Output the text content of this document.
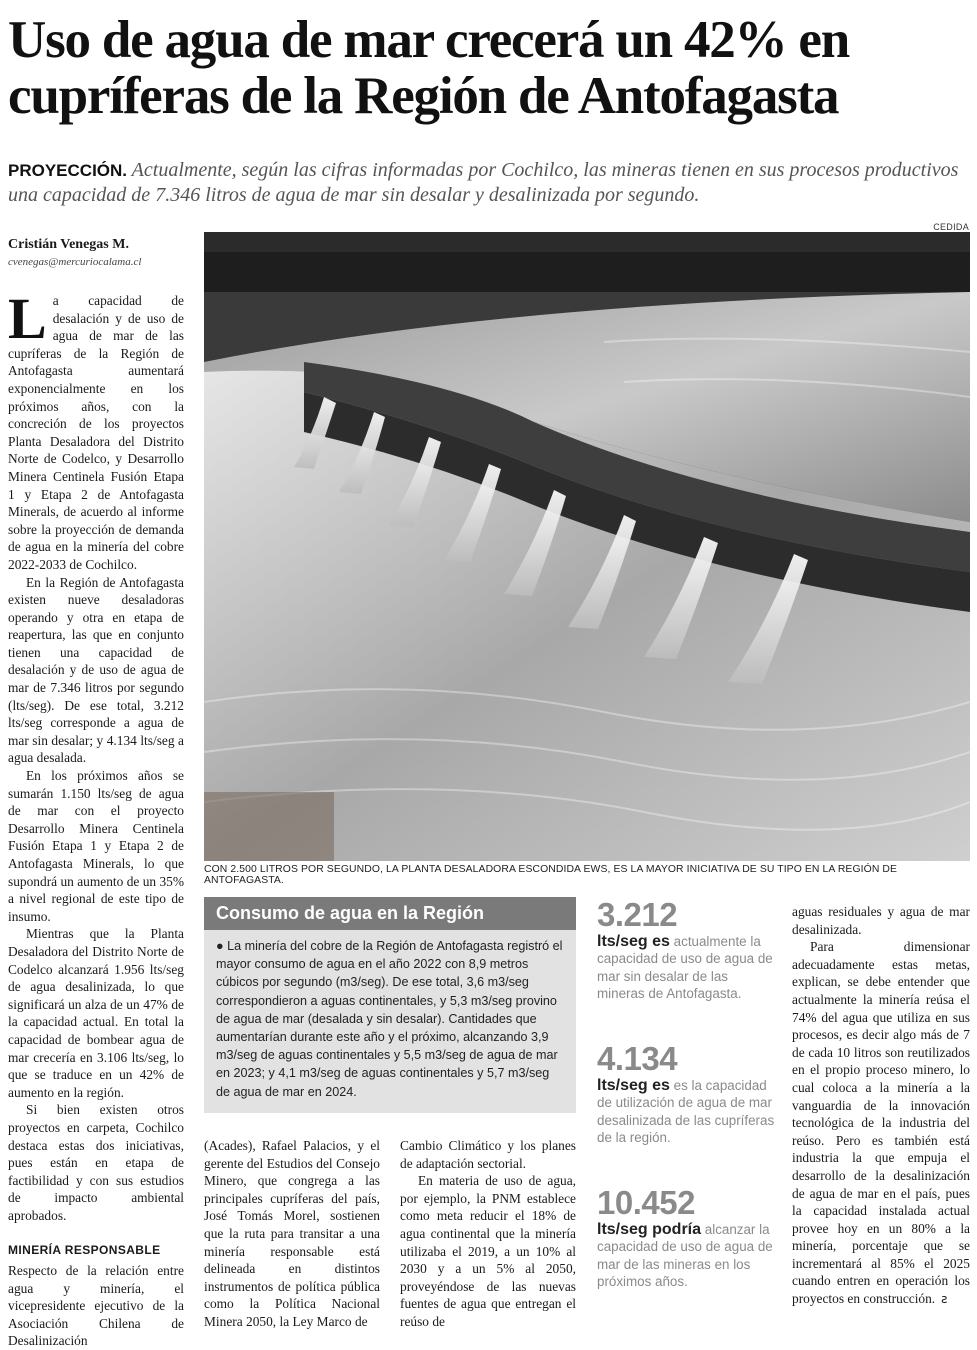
Uso de agua de mar crecerá un 42% en cupríferas de la Región de Antofagasta
PROYECCIÓN. Actualmente, según las cifras informadas por Cochilco, las mineras tienen en sus procesos productivos una capacidad de 7.346 litros de agua de mar sin desalar y desalinizada por segundo.
CEDIDA
Cristián Venegas M.
cvenegas@mercuriocalama.cl

La capacidad de desalación y de uso de agua de mar de las cupríferas de la Región de Antofagasta aumentará exponencialmente en los próximos años, con la concreción de los proyectos Planta Desaladora del Distrito Norte de Codelco, y Desarrollo Minera Centinela Fusión Etapa 1 y Etapa 2 de Antofagasta Minerals, de acuerdo al informe sobre la proyección de demanda de agua en la minería del cobre 2022-2033 de Cochilco.

En la Región de Antofagasta existen nueve desaladoras operando y otra en etapa de reapertura, las que en conjunto tienen una capacidad de desalación y de uso de agua de mar de 7.346 litros por segundo (lts/seg). De ese total, 3.212 lts/seg corresponde a agua de mar sin desalar; y 4.134 lts/seg a agua desalada.

En los próximos años se sumarán 1.150 lts/seg de agua de mar con el proyecto Desarrollo Minera Centinela Fusión Etapa 1 y Etapa 2 de Antofagasta Minerals, lo que supondrá un aumento de un 35% a nivel regional de este tipo de insumo.

Mientras que la Planta Desaladora del Distrito Norte de Codelco alcanzará 1.956 lts/seg de agua desalinizada, lo que significará un alza de un 47% de la capacidad actual. En total la capacidad de bombear agua de mar crecería en 3.106 lts/seg, lo que se traduce en un 42% de aumento en la región.

Si bien existen otros proyectos en carpeta, Cochilco destaca estas dos iniciativas, pues están en etapa de factibilidad y con sus estudios de impacto ambiental aprobados.

MINERÍA RESPONSABLE

Respecto de la relación entre agua y minería, el vicepresidente ejecutivo de la Asociación Chilena de Desalinización

CON 2.500 LITROS POR SEGUNDO, LA PLANTA DESALADORA ESCONDIDA EWS, ES LA MAYOR INICIATIVA DE SU TIPO EN LA REGIÓN DE ANTOFAGASTA.
Consumo de agua en la Región
● La minería del cobre de la Región de Antofagasta registró el mayor consumo de agua en el año 2022 con 8,9 metros cúbicos por segundo (m3/seg). De ese total, 3,6 m3/seg correspondieron a aguas continentales, y 5,3 m3/seg provino de agua de mar (desalada y sin desalar). Cantidades que aumentarían durante este año y el próximo, alcanzando 3,9 m3/seg de aguas continentales y 5,5 m3/seg de agua de mar en 2023; y 4,1 m3/seg de aguas continentales y 5,7 m3/seg de agua de mar en 2024.

(Acades), Rafael Palacios, y el gerente del Estudios del Consejo Minero, que congrega a las principales cupríferas del país, José Tomás Morel, sostienen que la ruta para transitar a una minería responsable está delineada en distintos instrumentos de política pública como la Política Nacional Minera 2050, la Ley Marco de

Cambio Climático y los planes de adaptación sectorial.

En materia de uso de agua, por ejemplo, la PNM establece como meta reducir el 18% de agua continental que la minería utilizaba el 2019, a un 10% al 2030 y a un 5% al 2050, proveyéndose de las nuevas fuentes de agua que entregan el reúso de

3.212
lts/seg es actualmente la capacidad de uso de agua de mar sin desalar de las mineras de Antofagasta.
4.134
lts/seg es es la capacidad de utilización de agua de mar desalinizada de las cupríferas de la región.
10.452
lts/seg podría alcanzar la capacidad de uso de agua de mar de las mineras en los próximos años.

aguas residuales y agua de mar desalinizada.

Para dimensionar adecuadamente estas metas, explican, se debe entender que actualmente la minería reúsa el 74% del agua que utiliza en sus procesos, es decir algo más de 7 de cada 10 litros son reutilizados en el propio proceso minero, lo cual coloca a la minería a la vanguardia de la innovación tecnológica de la industria del reúso. Pero es también está industria la que empuja el desarrollo de la desalinización de agua de mar en el país, pues la capacidad instalada actual provee hoy en un 80% a la minería, porcentaje que se incrementará al 85% el 2025 cuando entren en operación los proyectos en construcción. ƨ
